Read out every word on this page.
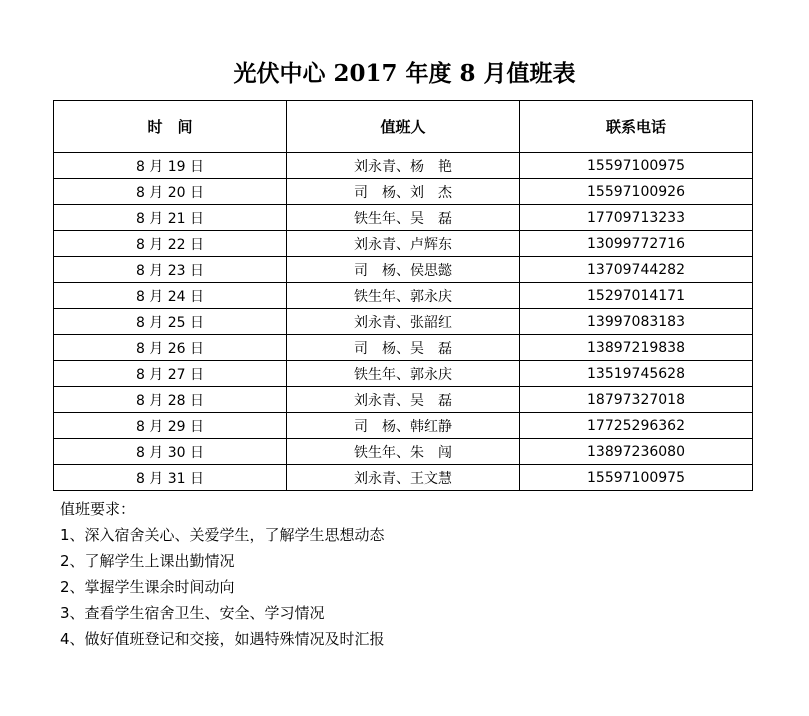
光伏中心 2017 年度 8 月值班表
时　间	值班人	联系电话
8 月 19 日	刘永青、杨　艳	15597100975
8 月 20 日	司　杨、刘　杰	15597100926
8 月 21 日	铁生年、吴　磊	17709713233
8 月 22 日	刘永青、卢辉东	13099772716
8 月 23 日	司　杨、侯思懿	13709744282
8 月 24 日	铁生年、郭永庆	15297014171
8 月 25 日	刘永青、张韶红	13997083183
8 月 26 日	司　杨、吴　磊	13897219838
8 月 27 日	铁生年、郭永庆	13519745628
8 月 28 日	刘永青、吴　磊	18797327018
8 月 29 日	司　杨、韩红静	17725296362
8 月 30 日	铁生年、朱　闯	13897236080
8 月 31 日	刘永青、王文慧	15597100975
值班要求：
1、深入宿舍关心、关爱学生，了解学生思想动态
2、了解学生上课出勤情况
2、掌握学生课余时间动向
3、查看学生宿舍卫生、安全、学习情况
4、做好值班登记和交接，如遇特殊情况及时汇报
